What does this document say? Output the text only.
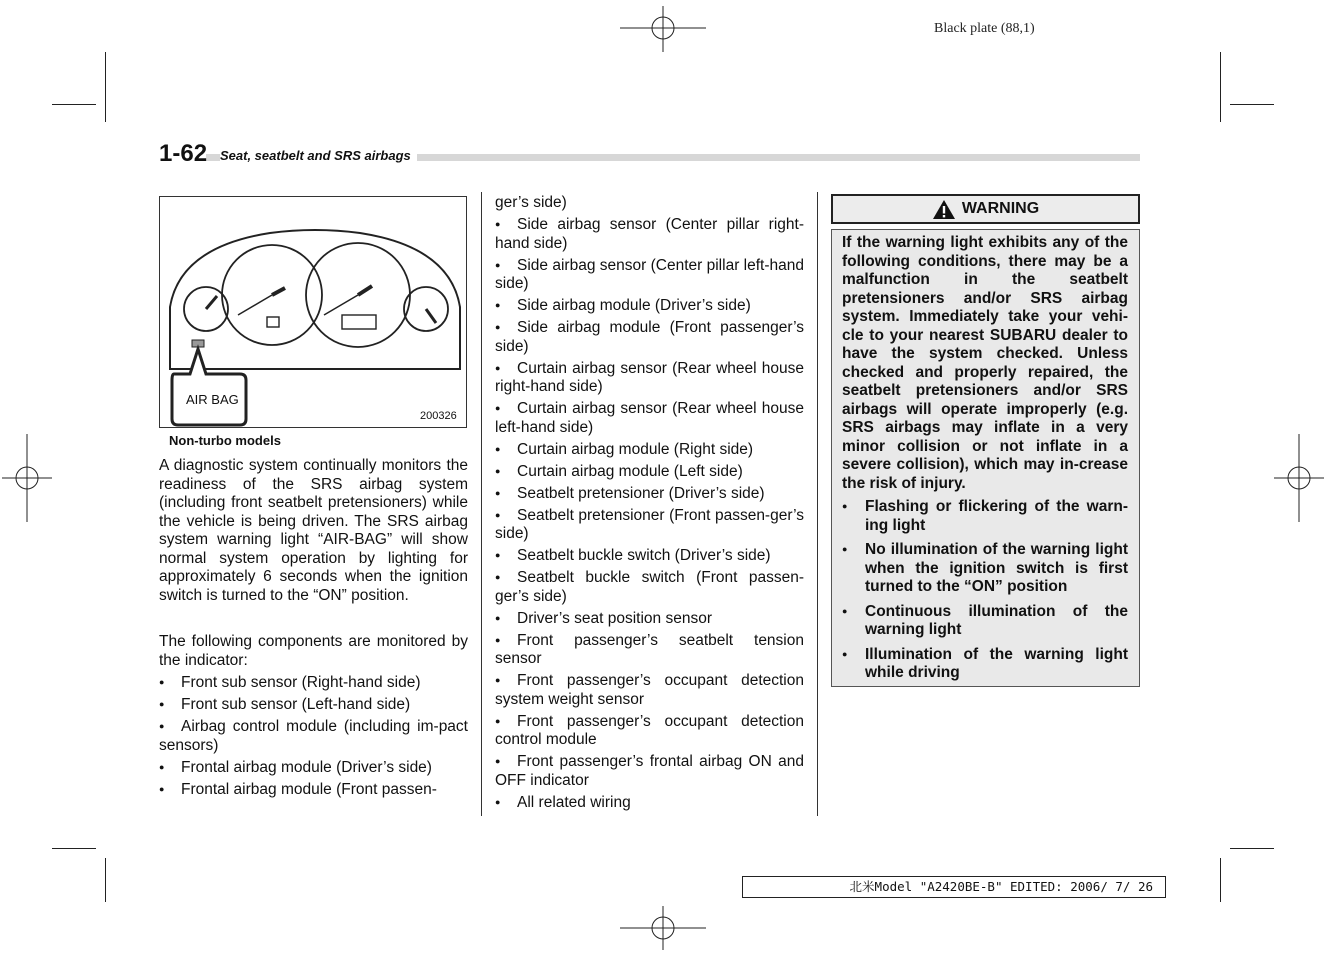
Black plate (88,1)
1-62 Seat, seatbelt and SRS airbags
AIR BAG
200326
Non-turbo models

A diagnostic system continually monitors the readiness of the SRS airbag system (including front seatbelt pretensioners) while the vehicle is being driven. The SRS airbag system warning light “AIR-BAG” will show normal system operation by lighting for approximately 6 seconds when the ignition switch is turned to the “ON” position.

The following components are monitored by the indicator:

●Front sub sensor (Right-hand side)
●Front sub sensor (Left-hand side)
●Airbag control module (including im-pact sensors)
●Frontal airbag module (Driver’s side)
●Frontal airbag module (Front passen-

ger’s side)

●Side airbag sensor (Center pillar right-hand side)
●Side airbag sensor (Center pillar left-hand side)
●Side airbag module (Driver’s side)
●Side airbag module (Front passenger’s side)
●Curtain airbag sensor (Rear wheel house right-hand side)
●Curtain airbag sensor (Rear wheel house left-hand side)
●Curtain airbag module (Right side)
●Curtain airbag module (Left side)
●Seatbelt pretensioner (Driver’s side)
●Seatbelt pretensioner (Front passen-ger’s side)
●Seatbelt buckle switch (Driver’s side)
●Seatbelt buckle switch (Front passen-ger’s side)
●Driver’s seat position sensor
●Front passenger’s seatbelt tension sensor
●Front passenger’s occupant detection system weight sensor
●Front passenger’s occupant detection control module
●Front passenger’s frontal airbag ON and OFF indicator
●All related wiring
WARNING

If the warning light exhibits any of the following conditions, there may be a malfunction in the seatbelt pretensioners and/or SRS airbag system. Immediately take your vehi-cle to your nearest SUBARU dealer to have the system checked. Unless checked and properly repaired, the seatbelt pretensioners and/or SRS airbags will operate improperly (e.g. SRS airbags may inflate in a very minor collision or not inflate in a severe collision), which may in-crease the risk of injury.

●Flashing or flickering of the warn-ing light
●No illumination of the warning light when the ignition switch is first turned to the “ON” position
●Continuous illumination of the warning light
●Illumination of the warning light while driving
北米Model "A2420BE-B" EDITED: 2006/ 7/ 26
